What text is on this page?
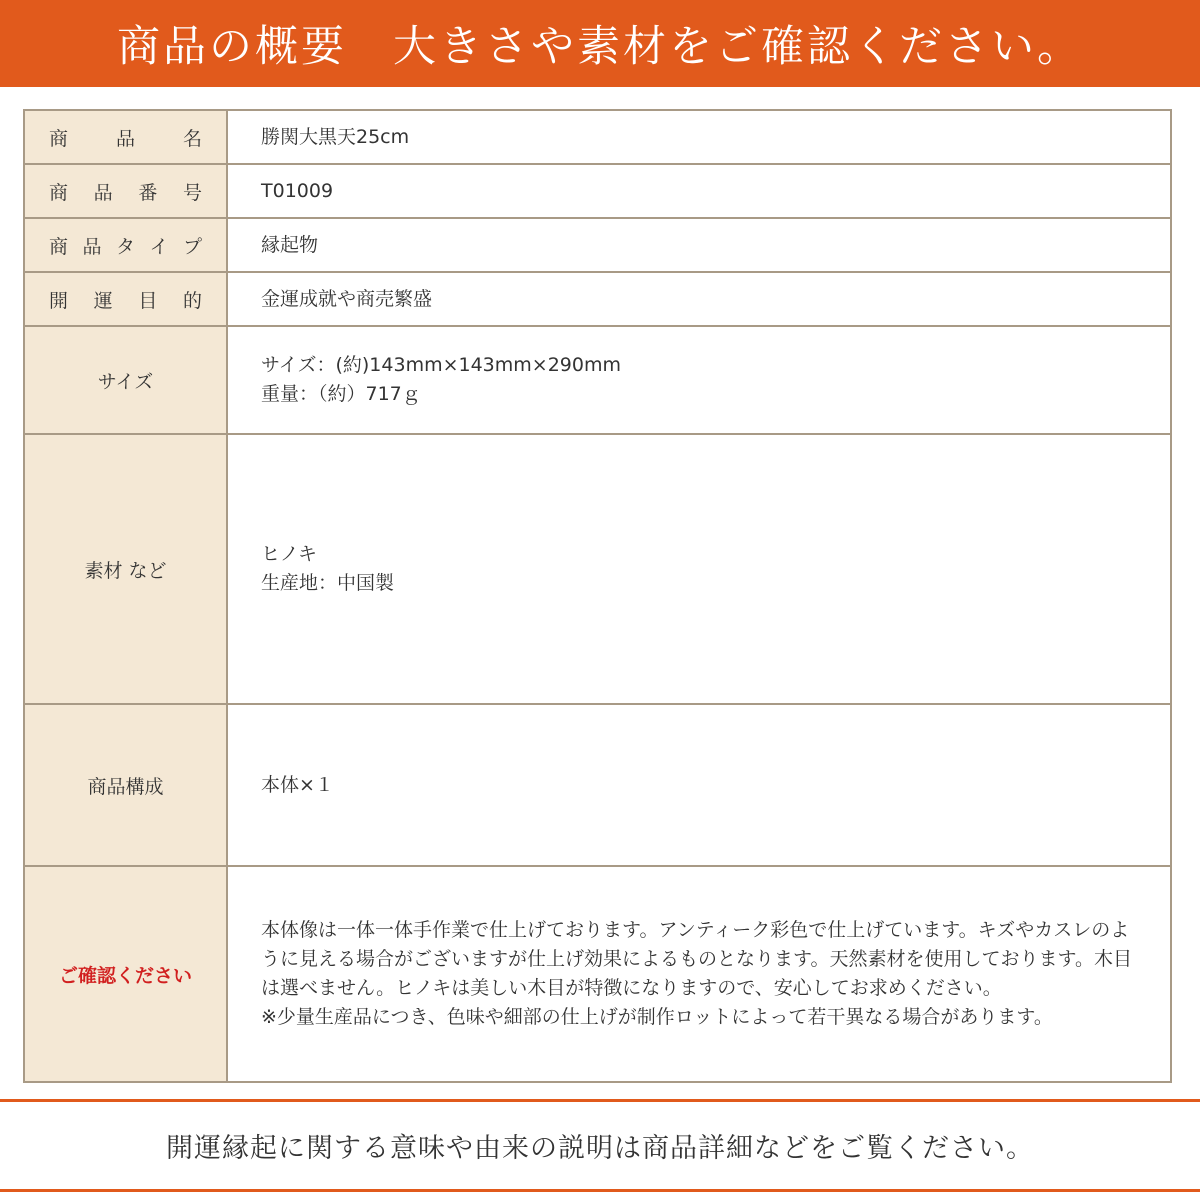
商品の概要　大きさや素材をご確認ください。
商 品 名	勝関大黒天25cm

商 品 番 号	T01009

商 品 タ イ プ	縁起物

開 運 目 的	金運成就や商売繁盛
サイズ	サイズ：(約)143mm×143mm×290mm
重量：（約）717ｇ

素材 など	ヒノキ
生産地：中国製

商品構成	本体×１
ご確認ください	本体像は一体一体手作業で仕上げております。アンティーク彩色で仕上げています。キズやカスレのように見える場合がございますが仕上げ効果によるものとなります。天然素材を使用しております。木目は選べません。ヒノキは美しい木目が特徴になりますので、安心してお求めください。
※少量生産品につき、色味や細部の仕上げが制作ロットによって若干異なる場合があります。
開運縁起に関する意味や由来の説明は商品詳細などをご覧ください。
